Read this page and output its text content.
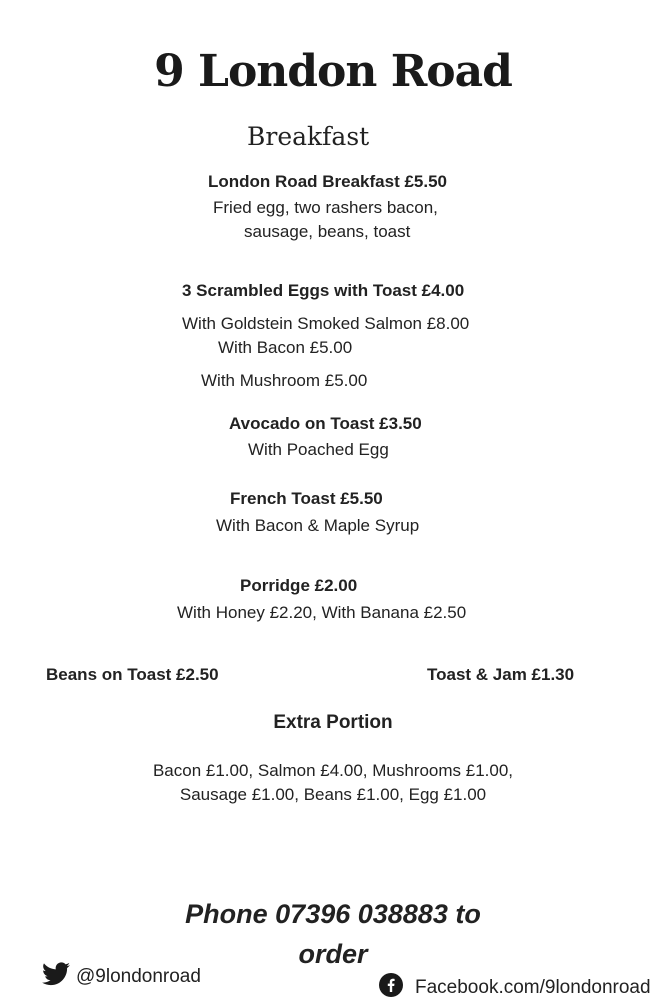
9 London Road
Breakfast
London Road Breakfast £5.50
Fried egg, two rashers bacon,
sausage, beans, toast
3 Scrambled Eggs with Toast £4.00
With Goldstein Smoked Salmon £8.00
With Bacon £5.00
With Mushroom £5.00
Avocado on Toast £3.50
With Poached Egg
French Toast £5.50
With Bacon & Maple Syrup
Porridge £2.00
With Honey £2.20, With Banana £2.50
Beans on Toast £2.50	Toast & Jam £1.30
Extra Portion
Bacon £1.00, Salmon £4.00, Mushrooms £1.00,
Sausage £1.00, Beans £1.00, Egg £1.00
Phone 07396 038883 to
order
@9londonroad
Facebook.com/9londonroad
